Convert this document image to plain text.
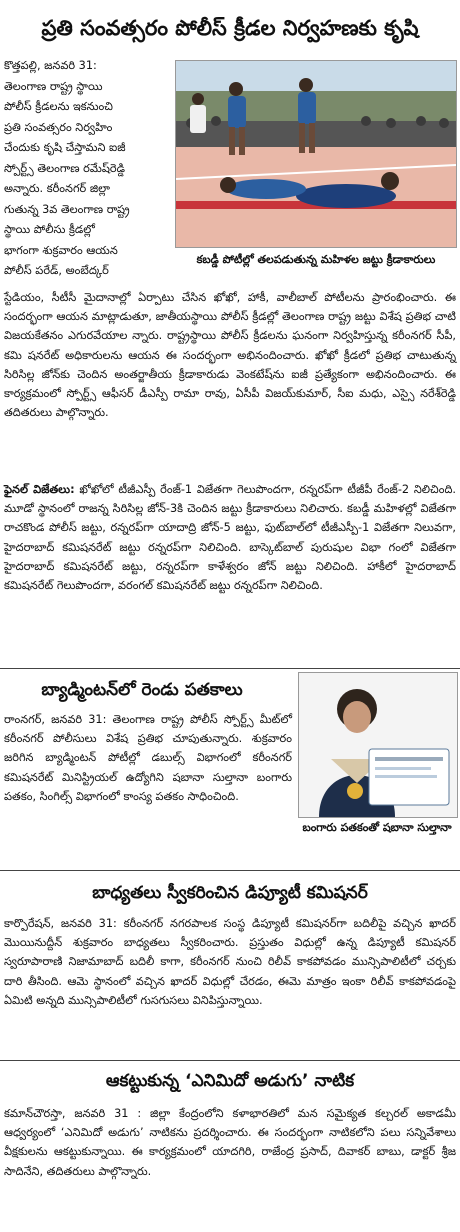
ప్రతి సంవత్సరం పోలీస్ క్రీడల నిర్వహణకు కృషి
కొత్తపల్లి, జనవరి 31:
తెలంగాణ రాష్ట్ర స్థాయి
పోలీస్ క్రీడలను ఇకనుంచి
ప్రతి సంవత్సరం నిర్వహిం
చేందుకు కృషి చేస్తామని ఐజీ
స్పోర్ట్స్ తెలంగాణ రమేష్‌రెడ్డి
అన్నారు. కరీంనగర్ జిల్లా
గుతున్న 3వ తెలంగాణ రాష్ట్ర
స్థాయి పోలీసు క్రీడల్లో
భాగంగా శుక్రవారం ఆయన
పోలీస్ పరేడ్, అంబేద్కర్
కబడ్డీ పోటీల్లో తలపడుతున్న మహిళల జట్టు క్రీడాకారులు

స్టేడియం, సీటీసీ మైదానాల్లో ఏర్పాటు చేసిన ఖోఖో, హాకీ, వాలీబాల్ పోటీలను ప్రారంభించారు. ఈ సందర్భంగా ఆయన మాట్లాడుతూ, జాతీయస్థాయి పోలీస్ క్రీడల్లో తెలంగాణ రాష్ట్ర జట్టు విశేష ప్రతిభ చాటి విజయకేతనం ఎగురవేయాల న్నారు. రాష్ట్రస్థాయి పోలీస్ క్రీడలను ఘనంగా నిర్వహిస్తున్న కరీంనగర్ సీపీ, కమి షనరేట్ అధికారులను ఆయన ఈ సందర్భంగా అభినందించారు. ఖోఖో క్రీడలో ప్రతిభ చాటుతున్న సిరిసిల్ల జోన్‌కు చెందిన అంతర్జాతీయ క్రీడాకారుడు వెంకటేష్‌ను ఐజీ ప్రత్యేకంగా అభినందించారు. ఈ కార్యక్రమంలో స్పోర్ట్స్ ఆఫీసర్ డీఎస్పీ రామా రావు, ఏసీపీ విజయ్‌కుమార్, సీఐ మధు, ఎస్సై నరేశ్‌రెడ్డి తదితరులు పాల్గొన్నారు.

ఫైనల్ విజేతలు: ఖోఖోలో టీజీఎస్పీ రేంజ్-1 విజేతగా గెలుపొందగా, రన్నరప్‌గా టీజీపీ రేంజ్-2 నిలిచింది. మూడో స్థానంలో రాజన్న సిరిసిల్ల జోన్-3కి చెందిన జట్టు క్రీడాకారులు నిలిచారు. కబడ్డీ మహిళల్లో విజేతగా రాచకొండ పోలీస్ జట్టు, రన్నరప్‌గా యాదాద్రి జోన్-5 జట్టు, ఫుట్‌బాల్‌లో టీజీఎస్పీ-1 విజేతగా నిలువగా, హైదరాబాద్ కమిషనరేట్ జట్టు రన్నరప్‌గా నిలిచింది. బాస్కెట్‌బాల్ పురుషుల విభా గంలో విజేతగా హైదరాబాద్ కమిషనరేట్ జట్టు, రన్నరప్‌గా కాళేశ్వరం జోన్ జట్టు నిలిచింది. హాకీలో హైదరాబాద్ కమిషనరేట్ గెలుపొందగా, వరంగల్ కమిషనరేట్ జట్టు రన్నరప్‌గా నిలిచింది.

బ్యాడ్మింటన్‌లో రెండు పతకాలు

రాంనగర్, జనవరి 31: తెలంగాణ రాష్ట్ర పోలీస్ స్పోర్ట్స్ మీట్‌లో కరీంనగర్ పోలీసులు విశేష ప్రతిభ చూపుతున్నారు. శుక్రవారం జరిగిన బ్యాడ్మింటన్ పోటీల్లో డబుల్స్ విభాగంలో కరీంనగర్ కమిషనరేట్ మినిస్ట్రియల్ ఉద్యోగిని షబానా సుల్తానా బంగారు పతకం, సింగిల్స్ విభాగంలో కాంస్య పతకం సాధించింది.

బంగారు పతకంతో షబానా సుల్తానా
బాధ్యతలు స్వీకరించిన డిప్యూటీ కమిషనర్

కార్పొరేషన్, జనవరి 31: కరీంనగర్ నగరపాలక సంస్థ డిప్యూటీ కమిషనర్‌గా బదిలీపై వచ్చిన ఖాదర్ మొయినుద్దీన్ శుక్రవారం బాధ్యతలు స్వీకరించారు. ప్రస్తుతం విధుల్లో ఉన్న డిప్యూటీ కమిషనర్ స్వరూపారాణి నిజామాబాద్ బదిలీ కాగా, కరీంనగర్ నుంచి రిలీవ్ కాకపోవడం మున్సిపాలిటీలో చర్చకు దారి తీసింది. ఆమె స్థానంలో వచ్చిన ఖాదర్ విధుల్లో చేరడం, ఈమె మాత్రం ఇంకా రిలీవ్ కాకపోవడంపై ఏమిటి అన్నది మున్సిపాలిటీలో గుసగుసలు వినిపిస్తున్నాయి.

ఆకట్టుకున్న ‘ఎనిమిదో అడుగు’ నాటిక

కమాన్‌చౌరస్తా, జనవరి 31 : జిల్లా కేంద్రంలోని కళాభారతిలో మన సమైక్యత కల్చరల్ అకాడమీ ఆధ్వర్యంలో ‘ఎనిమిదో అడుగు’ నాటికను ప్రదర్శించారు. ఈ సందర్భంగా నాటికలోని పలు సన్నివేశాలు వీక్షకులను ఆకట్టుకున్నాయి. ఈ కార్యక్రమంలో యాదగిరి, రాజేంద్ర ప్రసాద్, దివాకర్ బాబు, డాక్టర్ శ్రీజ సాదినేని, తదితరులు పాల్గొన్నారు.
